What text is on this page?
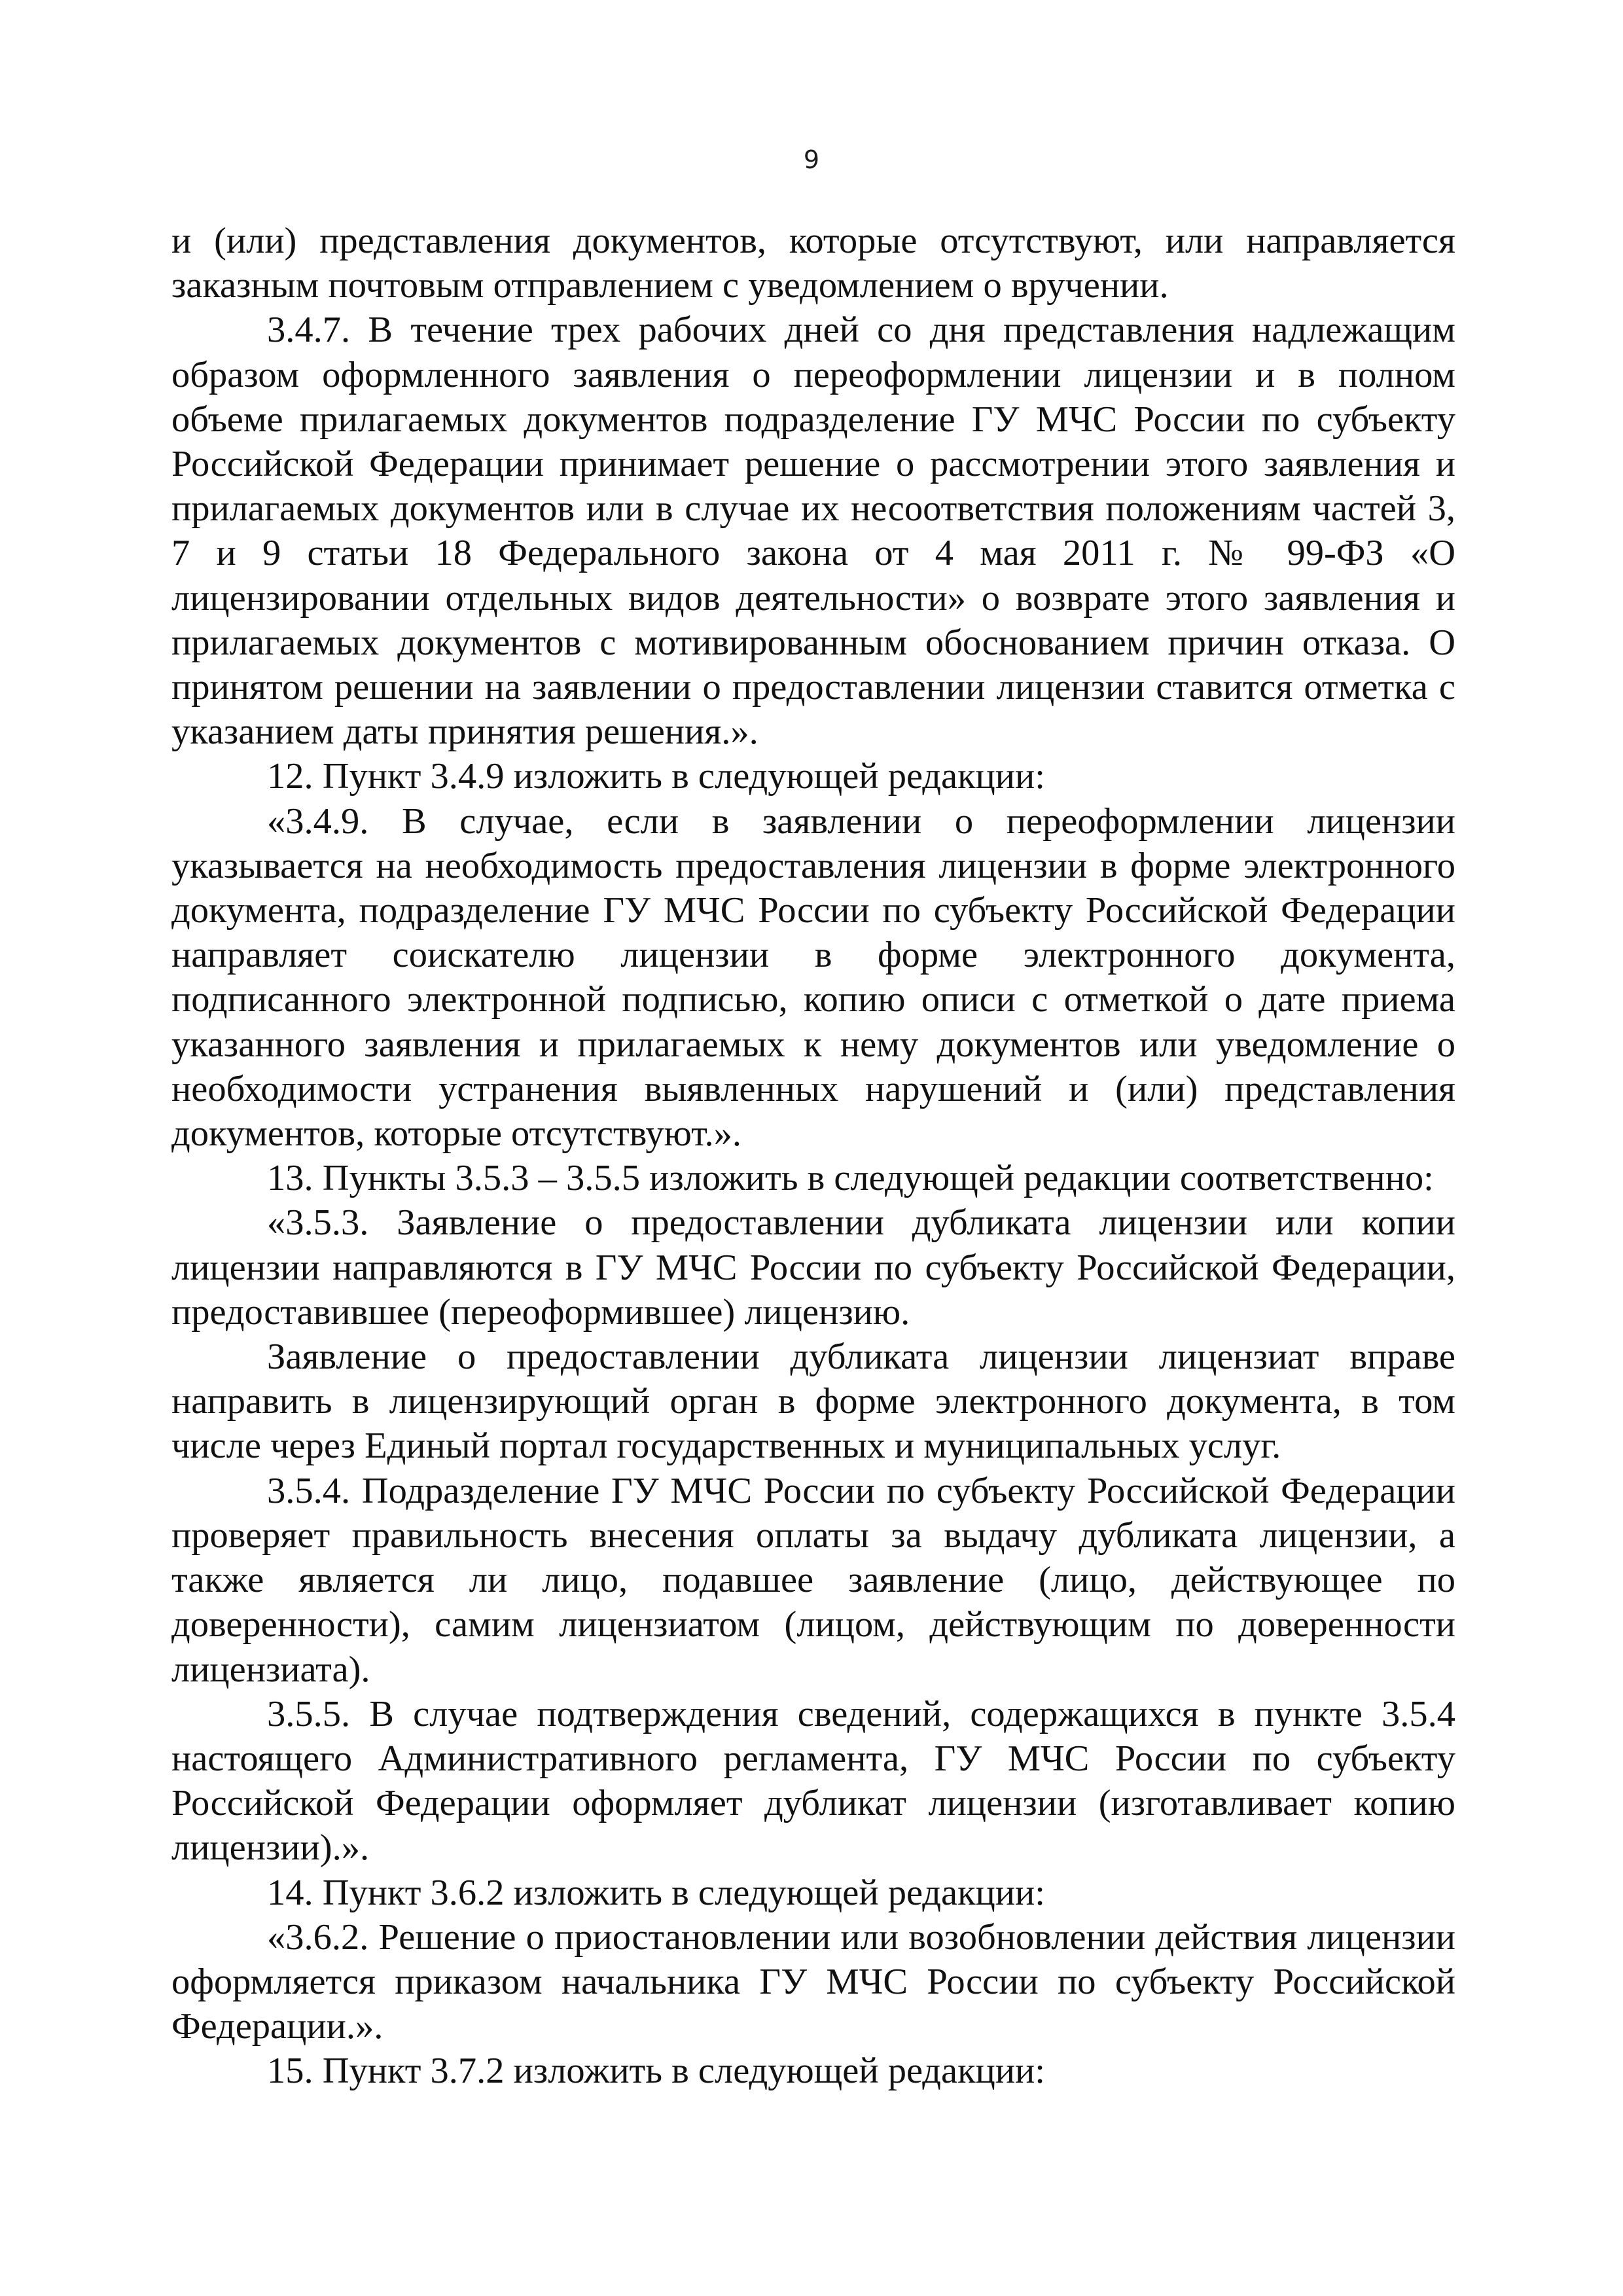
9

и (или) представления документов, которые отсутствуют, или направляется заказным почтовым отправлением с уведомлением о вручении.

3.4.7. В течение трех рабочих дней со дня представления надлежащим образом оформленного заявления о переоформлении лицензии и в полном объеме прилагаемых документов подразделение ГУ МЧС России по субъекту Российской Федерации принимает решение о рассмотрении этого заявления и прилагаемых документов или в случае их несоответствия положениям частей 3, 7 и 9 статьи 18 Федерального закона от 4 мая 2011 г. № 99-ФЗ «О лицензировании отдельных видов деятельности» о возврате этого заявления и прилагаемых документов с мотивированным обоснованием причин отказа. О принятом решении на заявлении о предоставлении лицензии ставится отметка с указанием даты принятия решения.».

12. Пункт 3.4.9 изложить в следующей редакции:

«3.4.9. В случае, если в заявлении о переоформлении лицензии указывается на необходимость предоставления лицензии в форме электронного документа, подразделение ГУ МЧС России по субъекту Российской Федерации направляет соискателю лицензии в форме электронного документа, подписанного электронной подписью, копию описи с отметкой о дате приема указанного заявления и прилагаемых к нему документов или уведомление о необходимости устранения выявленных нарушений и (или) представления документов, которые отсутствуют.».

13. Пункты 3.5.3 – 3.5.5 изложить в следующей редакции соответственно:

«3.5.3. Заявление о предоставлении дубликата лицензии или копии лицензии направляются в ГУ МЧС России по субъекту Российской Федерации, предоставившее (переоформившее) лицензию.

Заявление о предоставлении дубликата лицензии лицензиат вправе направить в лицензирующий орган в форме электронного документа, в том числе через Единый портал государственных и муниципальных услуг.

3.5.4. Подразделение ГУ МЧС России по субъекту Российской Федерации проверяет правильность внесения оплаты за выдачу дубликата лицензии, а также является ли лицо, подавшее заявление (лицо, действующее по доверенности), самим лицензиатом (лицом, действующим по доверенности лицензиата).

3.5.5. В случае подтверждения сведений, содержащихся в пункте 3.5.4 настоящего Административного регламента, ГУ МЧС России по субъекту Российской Федерации оформляет дубликат лицензии (изготавливает копию лицензии).».

14. Пункт 3.6.2 изложить в следующей редакции:

«3.6.2. Решение о приостановлении или возобновлении действия лицензии оформляется приказом начальника ГУ МЧС России по субъекту Российской Федерации.».

15. Пункт 3.7.2 изложить в следующей редакции:
